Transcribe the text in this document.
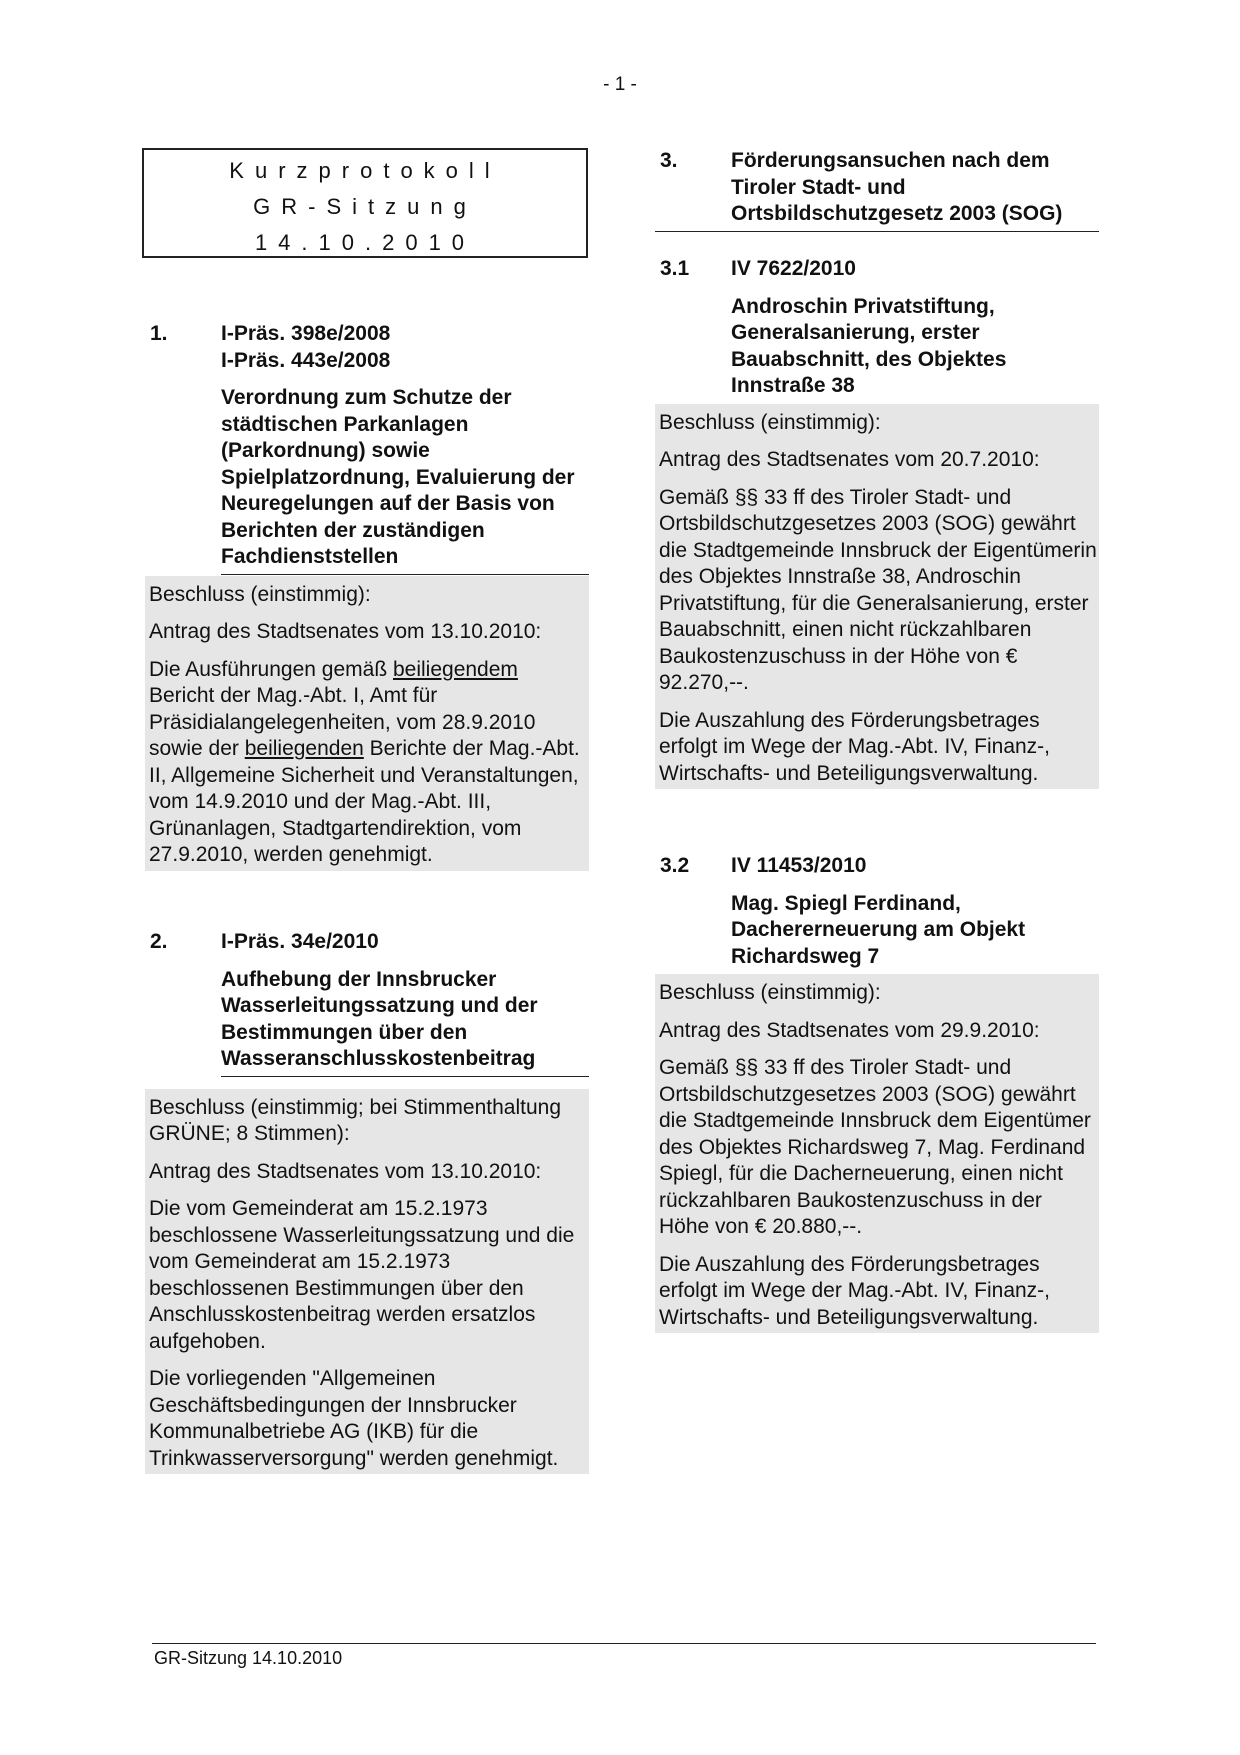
- 1 -
Kurzprotokoll
GR-Sitzung
14.10.2010
1.	I-Präs. 398e/2008

I-Präs. 443e/2008

Verordnung zum Schutze der städtischen Parkanlagen (Parkordnung) sowie Spielplatzordnung, Evaluierung der Neuregelungen auf der Basis von Berichten der zuständigen Fachdienststellen

Beschluss (einstimmig):

Antrag des Stadtsenates vom 13.10.2010:

Die Ausführungen gemäß beiliegendem Bericht der Mag.-Abt. I, Amt für Präsidialangelegenheiten, vom 28.9.2010 sowie der beiliegenden Berichte der Mag.-Abt. II, Allgemeine Sicherheit und Veranstaltungen, vom 14.9.2010 und der Mag.-Abt. III, Grünanlagen, Stadtgartendirektion, vom 27.9.2010, werden genehmigt.

2.	I-Präs. 34e/2010

Aufhebung der Innsbrucker Wasserleitungssatzung und der Bestimmungen über den Wasseranschlusskostenbeitrag

Beschluss (einstimmig; bei Stimmenthaltung GRÜNE; 8 Stimmen):

Antrag des Stadtsenates vom 13.10.2010:

Die vom Gemeinderat am 15.2.1973 beschlossene Wasserleitungssatzung und die vom Gemeinderat am 15.2.1973 beschlossenen Bestimmungen über den Anschlusskostenbeitrag werden ersatzlos aufgehoben.

Die vorliegenden "Allgemeinen Geschäftsbedingungen der Innsbrucker Kommunalbetriebe AG (IKB) für die Trinkwasserversorgung" werden genehmigt.

3.	Förderungsansuchen nach dem Tiroler Stadt- und Ortsbildschutzgesetz 2003 (SOG)
3.1 IV 7622/2010

Androschin Privatstiftung, Generalsanierung, erster Bauabschnitt, des Objektes Innstraße 38

Beschluss (einstimmig):

Antrag des Stadtsenates vom 20.7.2010:

Gemäß §§ 33 ff des Tiroler Stadt- und Ortsbildschutzgesetzes 2003 (SOG) gewährt die Stadtgemeinde Innsbruck der Eigentümerin des Objektes Innstraße 38, Androschin Privatstiftung, für die Generalsanierung, erster Bauabschnitt, einen nicht rückzahlbaren Baukostenzuschuss in der Höhe von € 92.270,--.

Die Auszahlung des Förderungsbetrages erfolgt im Wege der Mag.-Abt. IV, Finanz-, Wirtschafts- und Beteiligungsverwaltung.

3.2 IV 11453/2010

Mag. Spiegl Ferdinand, Dachererneuerung am Objekt Richardsweg 7

Beschluss (einstimmig):

Antrag des Stadtsenates vom 29.9.2010:

Gemäß §§ 33 ff des Tiroler Stadt- und Ortsbildschutzgesetzes 2003 (SOG) gewährt die Stadtgemeinde Innsbruck dem Eigentümer des Objektes Richardsweg 7, Mag. Ferdinand Spiegl, für die Dacherneuerung, einen nicht rückzahlbaren Baukostenzuschuss in der Höhe von € 20.880,--.

Die Auszahlung des Förderungsbetrages erfolgt im Wege der Mag.-Abt. IV, Finanz-, Wirtschafts- und Beteiligungsverwaltung.

GR-Sitzung 14.10.2010
